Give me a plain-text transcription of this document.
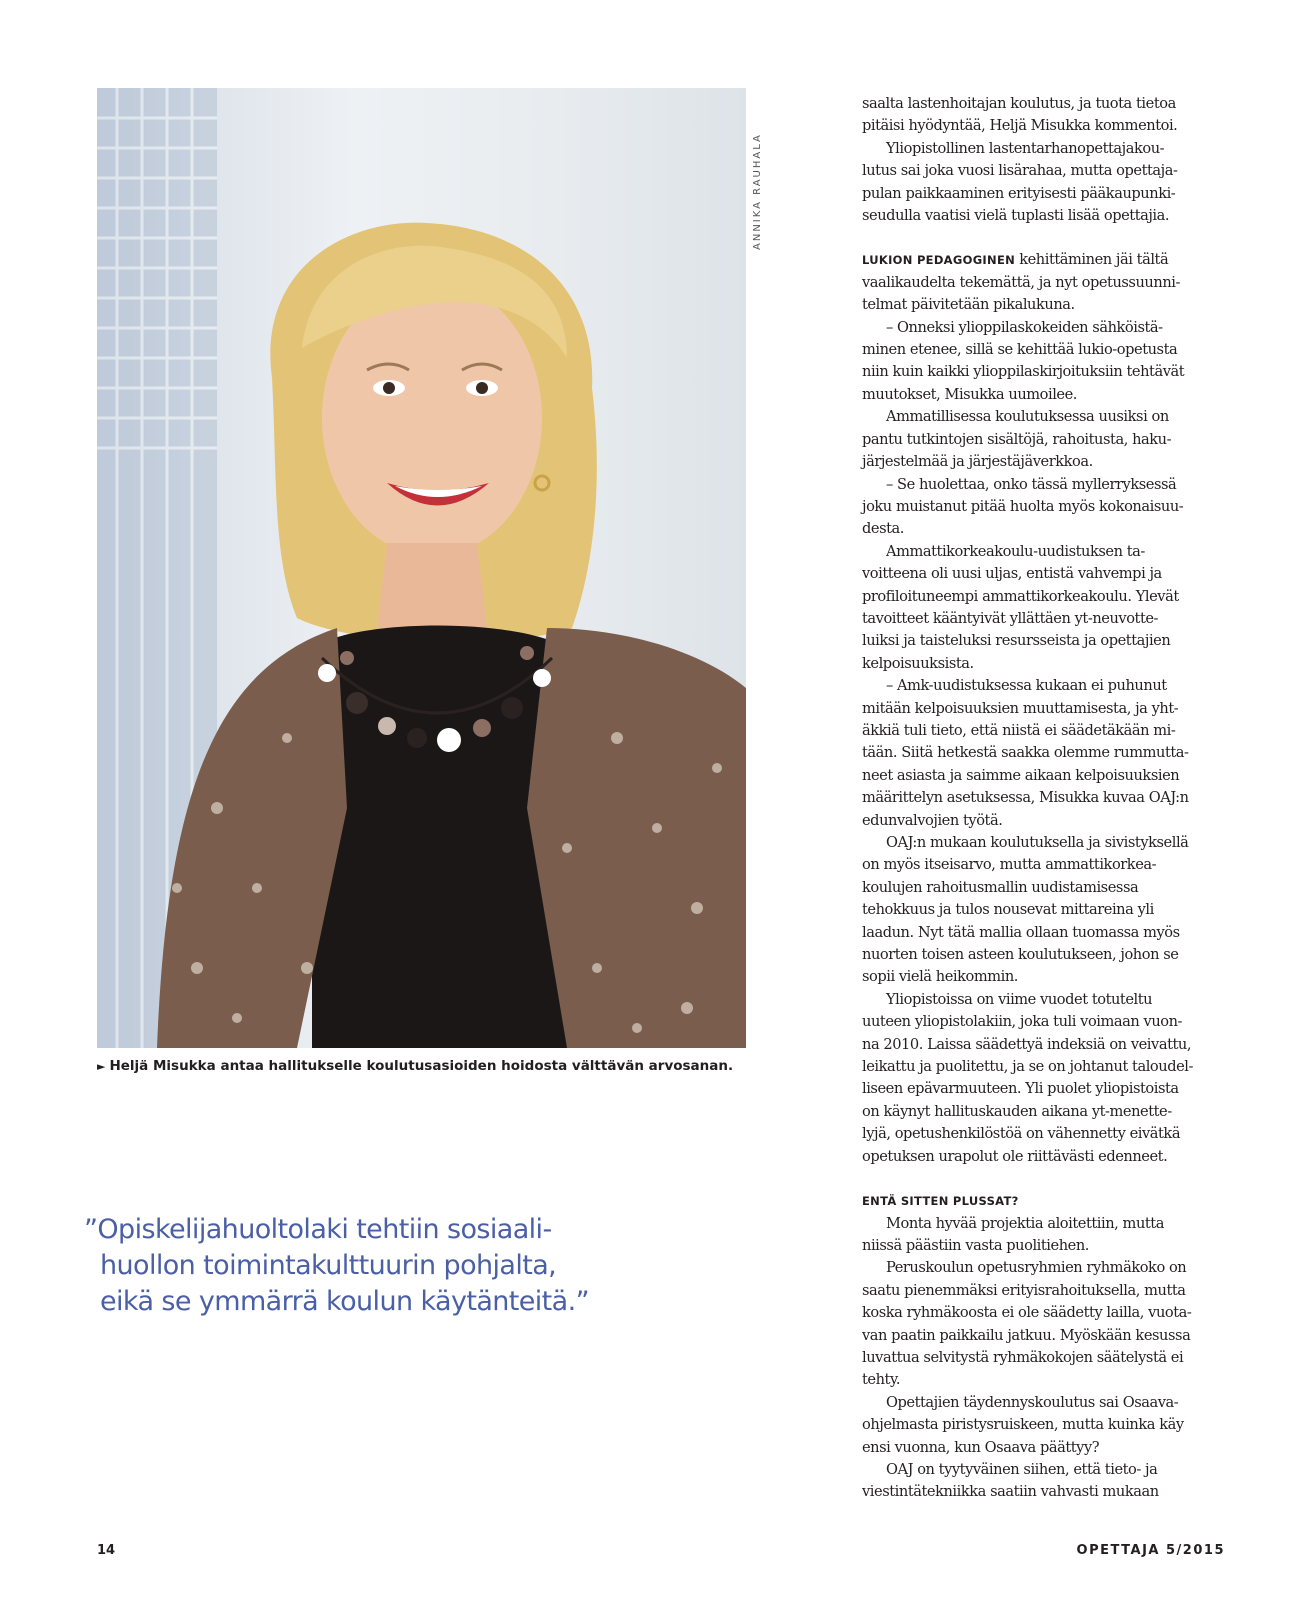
ANNIKA RAUHALA
► Heljä Misukka antaa hallitukselle koulutusasioiden hoidosta välttävän arvosanan.
”Opiskelijahuoltolaki tehtiin sosiaali-
huollon toimintakulttuurin pohjalta,
eikä se ymmärrä koulun käytänteitä.”

saalta lastenhoitajan koulutus, ja tuota tietoa
pitäisi hyödyntää, Heljä Misukka kommentoi.

Yliopistollinen lastentarhanopettajakou-
lutus sai joka vuosi lisärahaa, mutta opettaja-
pulan paikkaaminen erityisesti pääkaupunki-
seudulla vaatisi vielä tuplasti lisää opettajia.

LUKION PEDAGOGINEN kehittäminen jäi tältä
vaalikaudelta tekemättä, ja nyt opetussuunni-
telmat päivitetään pikalukuna.

– Onneksi ylioppilaskokeiden sähköistä-
minen etenee, sillä se kehittää lukio-opetusta
niin kuin kaikki ylioppilaskirjoituksiin tehtävät
muutokset, Misukka uumoilee.

Ammatillisessa koulutuksessa uusiksi on
pantu tutkintojen sisältöjä, rahoitusta, haku-
järjestelmää ja järjestäjäverkkoa.

– Se huolettaa, onko tässä myllerryksessä
joku muistanut pitää huolta myös kokonaisuu-
desta.

Ammattikorkeakoulu-uudistuksen ta-
voitteena oli uusi uljas, entistä vahvempi ja
profiloituneempi ammattikorkeakoulu. Ylevät
tavoitteet kääntyivät yllättäen yt-neuvotte-
luiksi ja taisteluksi resursseista ja opettajien
kelpoisuuksista.

– Amk-uudistuksessa kukaan ei puhunut
mitään kelpoisuuksien muuttamisesta, ja yht-
äkkiä tuli tieto, että niistä ei säädetäkään mi-
tään. Siitä hetkestä saakka olemme rummutta-
neet asiasta ja saimme aikaan kelpoisuuksien
määrittelyn asetuksessa, Misukka kuvaa OAJ:n
edunvalvojien työtä.

OAJ:n mukaan koulutuksella ja sivistyksellä
on myös itseisarvo, mutta ammattikorkea-
koulujen rahoitusmallin uudistamisessa
tehokkuus ja tulos nousevat mittareina yli
laadun. Nyt tätä mallia ollaan tuomassa myös
nuorten toisen asteen koulutukseen, johon se
sopii vielä heikommin.

Yliopistoissa on viime vuodet totuteltu
uuteen yliopistolakiin, joka tuli voimaan vuon-
na 2010. Laissa säädettyä indeksiä on veivattu,
leikattu ja puolitettu, ja se on johtanut taloudel-
liseen epävarmuuteen. Yli puolet yliopistoista
on käynyt hallituskauden aikana yt-menette-
lyjä, opetushenkilöstöä on vähennetty eivätkä
opetuksen urapolut ole riittävästi edenneet.

ENTÄ SITTEN PLUSSAT?

Monta hyvää projektia aloitettiin, mutta
niissä päästiin vasta puolitiehen.

Peruskoulun opetusryhmien ryhmäkoko on
saatu pienemmäksi erityisrahoituksella, mutta
koska ryhmäkoosta ei ole säädetty lailla, vuota-
van paatin paikkailu jatkuu. Myöskään kesussa
luvattua selvitystä ryhmäkokojen säätelystä ei
tehty.

Opettajien täydennyskoulutus sai Osaava-
ohjelmasta piristysruiskeen, mutta kuinka käy
ensi vuonna, kun Osaava päättyy?

OAJ on tyytyväinen siihen, että tieto- ja
viestintätekniikka saatiin vahvasti mukaan

14	OPETTAJA 5/2015
